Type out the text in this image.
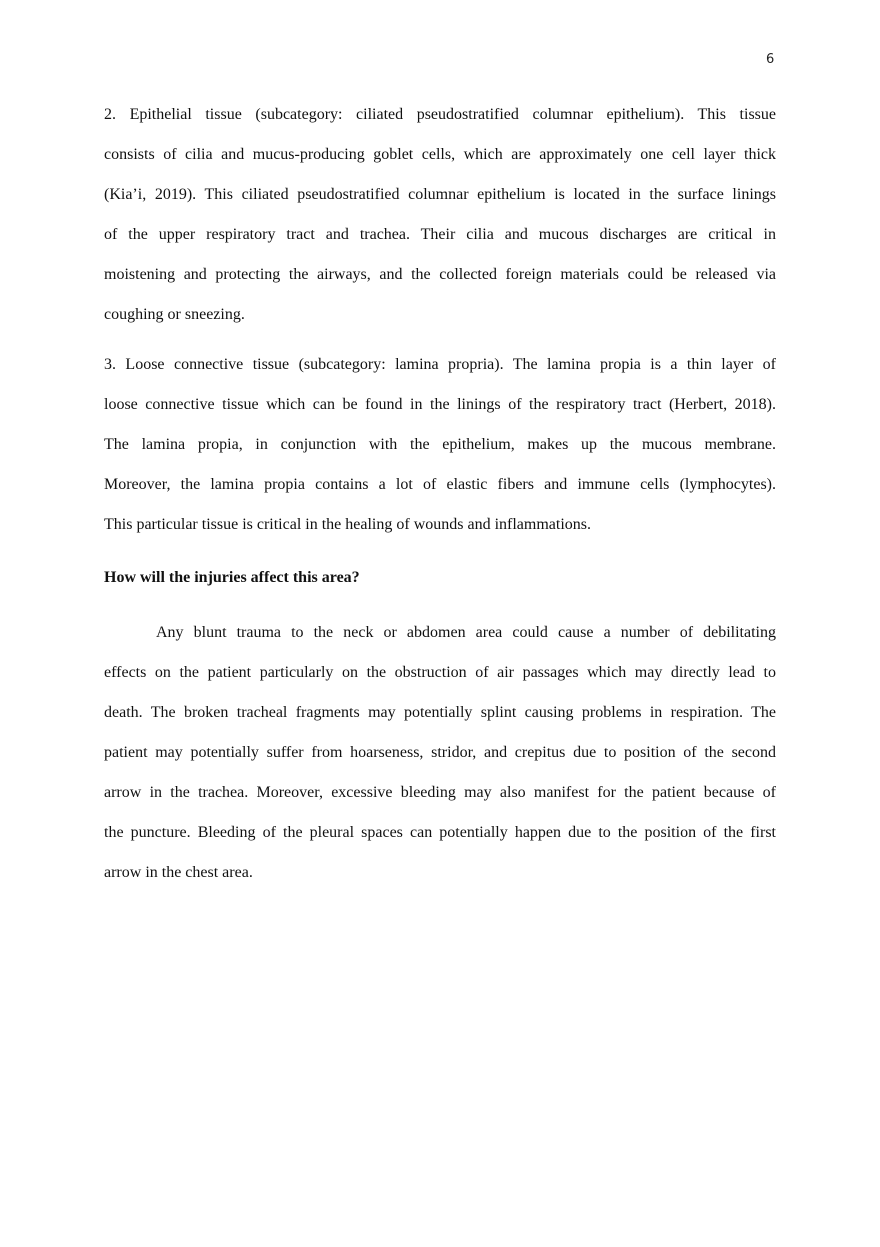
6

2. Epithelial tissue (subcategory: ciliated pseudostratified columnar epithelium). This tissue
consists of cilia and mucus-producing goblet cells, which are approximately one cell layer thick
(Kia’i, 2019). This ciliated pseudostratified columnar epithelium is located in the surface linings
of the upper respiratory tract and trachea. Their cilia and mucous discharges are critical in
moistening and protecting the airways, and the collected foreign materials could be released via
coughing or sneezing.

3. Loose connective tissue (subcategory: lamina propria). The lamina propia is a thin layer of
loose connective tissue which can be found in the linings of the respiratory tract (Herbert, 2018).
The lamina propia, in conjunction with the epithelium, makes up the mucous membrane.
Moreover, the lamina propia contains a lot of elastic fibers and immune cells (lymphocytes).
This particular tissue is critical in the healing of wounds and inflammations.

How will the injuries affect this area?

Any blunt trauma to the neck or abdomen area could cause a number of debilitating
effects on the patient particularly on the obstruction of air passages which may directly lead to
death. The broken tracheal fragments may potentially splint causing problems in respiration. The
patient may potentially suffer from hoarseness, stridor, and crepitus due to position of the second
arrow in the trachea. Moreover, excessive bleeding may also manifest for the patient because of
the puncture. Bleeding of the pleural spaces can potentially happen due to the position of the first
arrow in the chest area.
